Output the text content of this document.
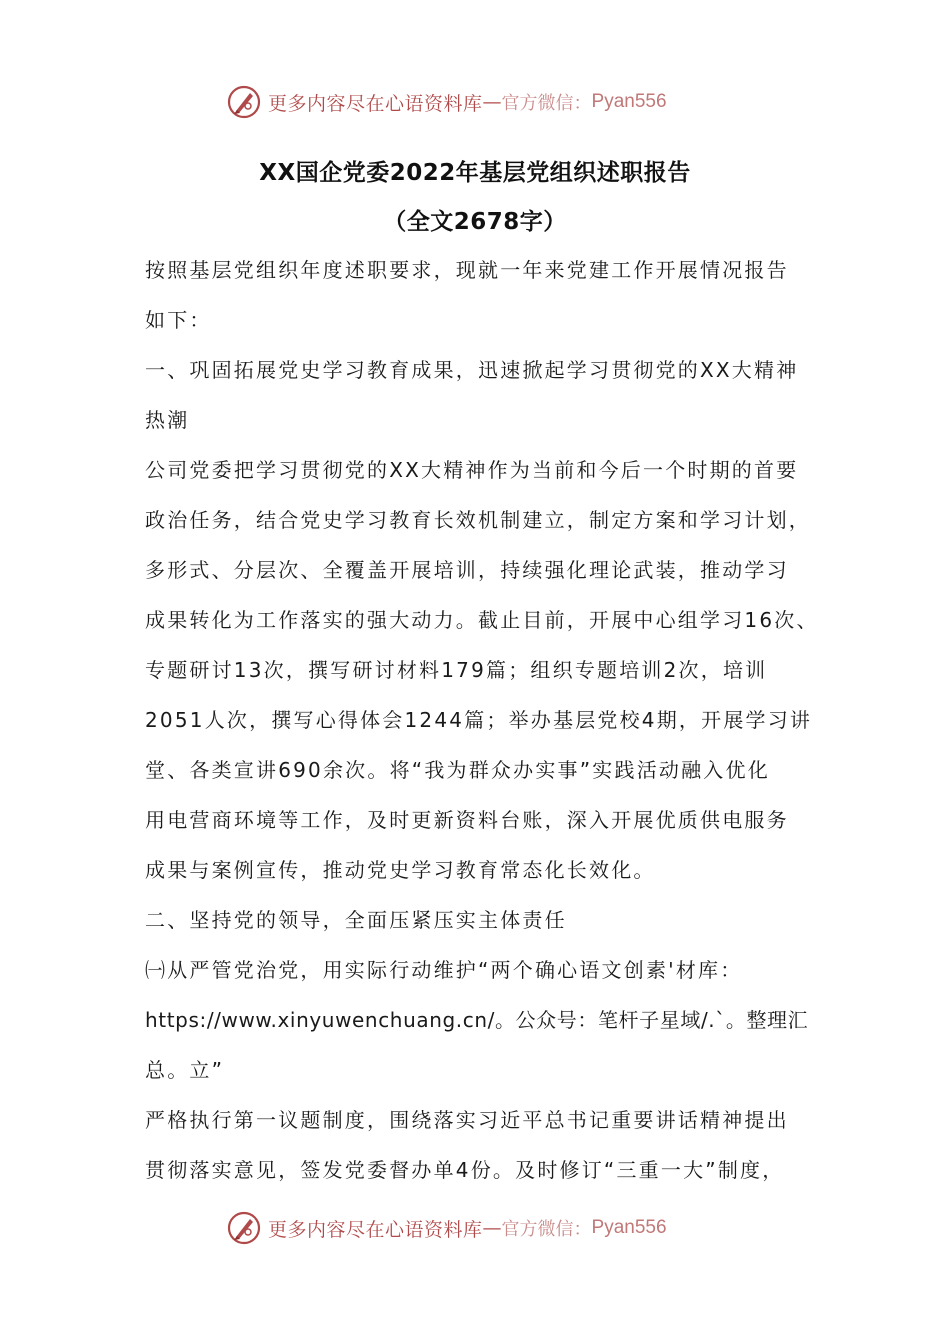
更多内容尽在心语资料库 — 官方微信： Pyan556
XX国企党委2022年基层党组织述职报告
（全文2678字）
按照基层党组织年度述职要求，现就一年来党建工作开展情况报告
如下：
一、巩固拓展党史学习教育成果，迅速掀起学习贯彻党的XX大精神
热潮
公司党委把学习贯彻党的XX大精神作为当前和今后一个时期的首要
政治任务，结合党史学习教育长效机制建立，制定方案和学习计划，
多形式、分层次、全覆盖开展培训，持续强化理论武装，推动学习
成果转化为工作落实的强大动力。截止目前，开展中心组学习16次、
专题研讨13次，撰写研讨材料179篇；组织专题培训2次，培训
2051人次，撰写心得体会1244篇；举办基层党校4期，开展学习讲
堂、各类宣讲690余次。将“我为群众办实事”实践活动融入优化
用电营商环境等工作，及时更新资料台账，深入开展优质供电服务
成果与案例宣传，推动党史学习教育常态化长效化。
二、坚持党的领导，全面压紧压实主体责任
㈠从严管党治党，用实际行动维护“两个确心语文创素'材库：
https://www.xinyuwenchuang.cn/。公众号：笔杆子星域/.`。整理汇
总。立”
严格执行第一议题制度，围绕落实习近平总书记重要讲话精神提出
贯彻落实意见，签发党委督办单4份。及时修订“三重一大”制度，
更多内容尽在心语资料库 — 官方微信： Pyan556
